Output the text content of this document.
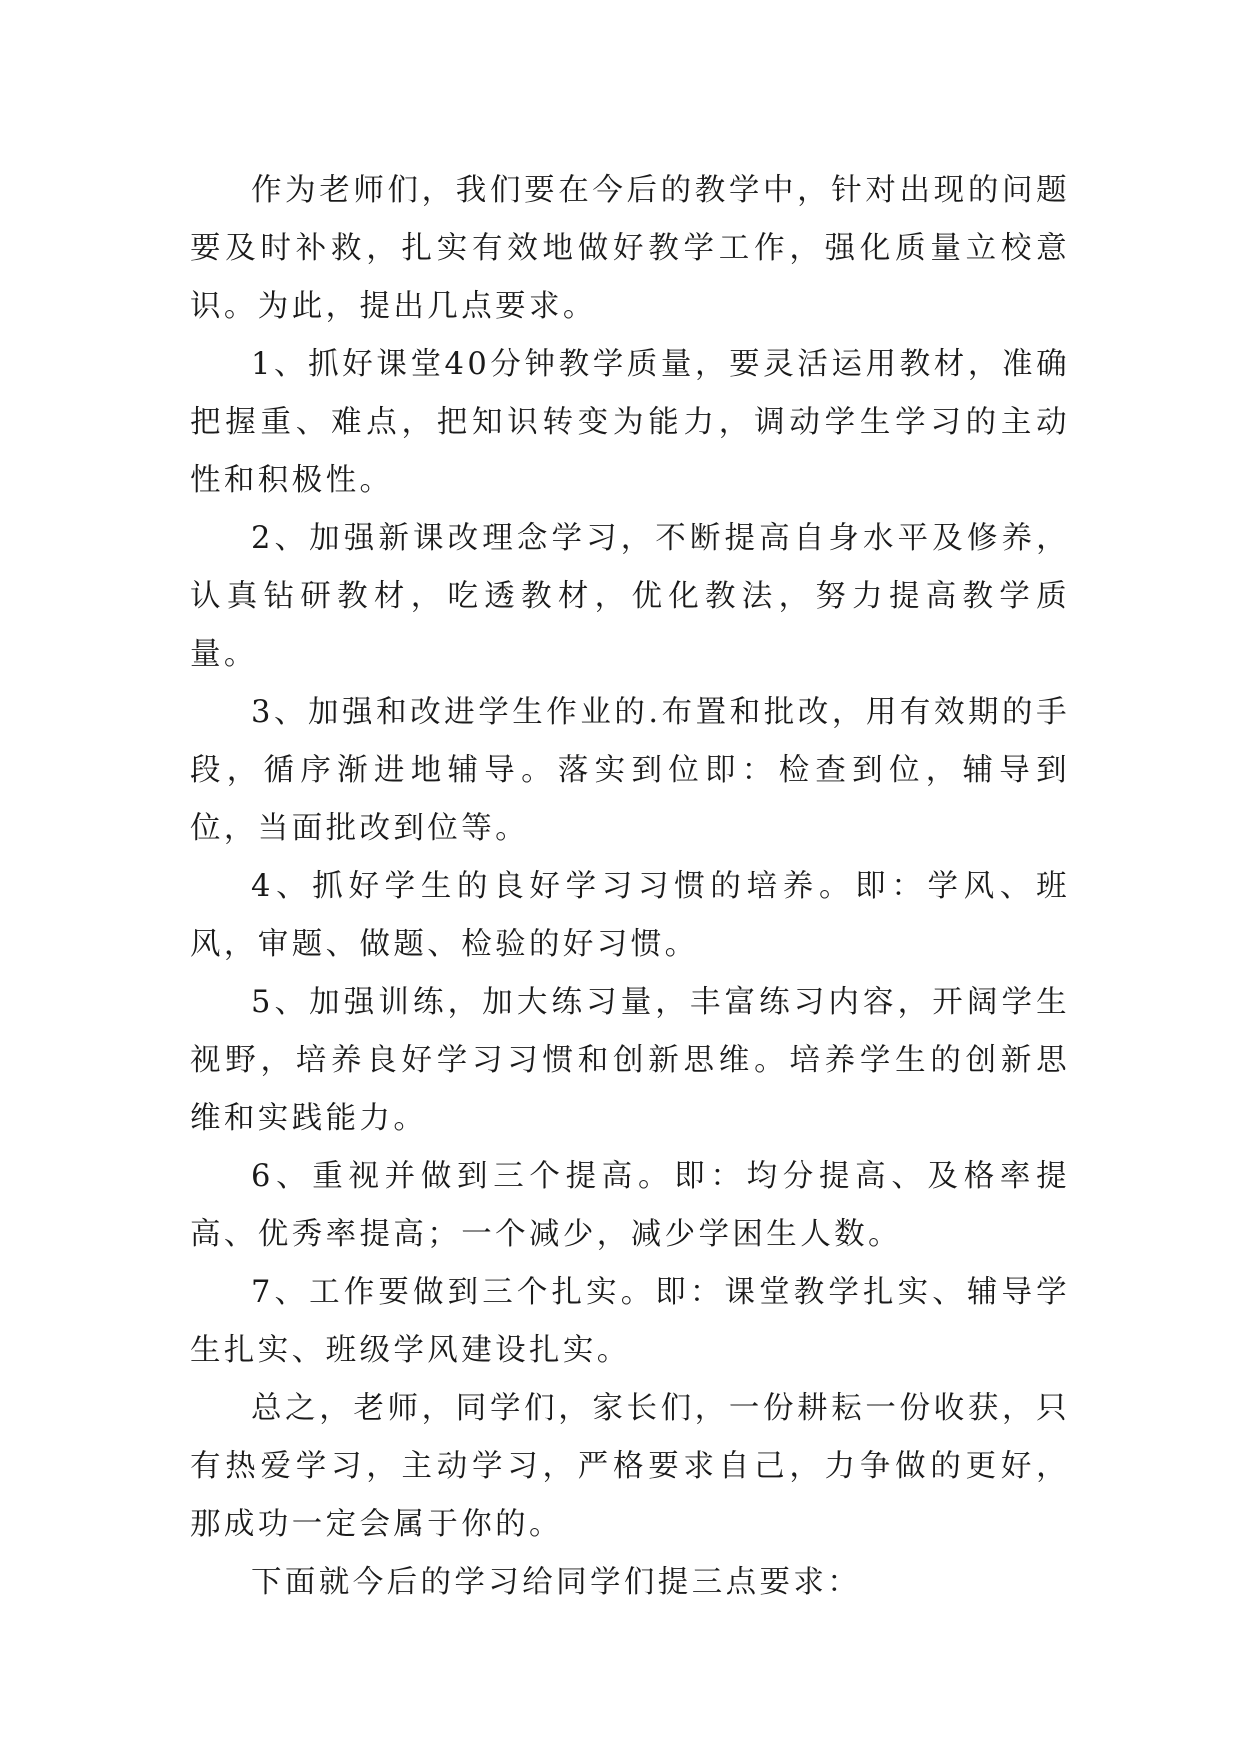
作为老师们，我们要在今后的教学中，针对出现的问题要及时补救，扎实有效地做好教学工作，强化质量立校意识。为此，提出几点要求。

1、抓好课堂40分钟教学质量，要灵活运用教材，准确把握重、难点，把知识转变为能力，调动学生学习的主动性和积极性。

2、加强新课改理念学习，不断提高自身水平及修养，认真钻研教材，吃透教材，优化教法，努力提高教学质量。

3、加强和改进学生作业的.布置和批改，用有效期的手段，循序渐进地辅导。落实到位即：检查到位，辅导到位，当面批改到位等。

4、抓好学生的良好学习习惯的培养。即：学风、班风，审题、做题、检验的好习惯。

5、加强训练，加大练习量，丰富练习内容，开阔学生视野，培养良好学习习惯和创新思维。培养学生的创新思维和实践能力。

6、重视并做到三个提高。即：均分提高、及格率提高、优秀率提高；一个减少，减少学困生人数。

7、工作要做到三个扎实。即：课堂教学扎实、辅导学生扎实、班级学风建设扎实。

总之，老师，同学们，家长们，一份耕耘一份收获，只有热爱学习，主动学习，严格要求自己，力争做的更好，那成功一定会属于你的。

下面就今后的学习给同学们提三点要求：
